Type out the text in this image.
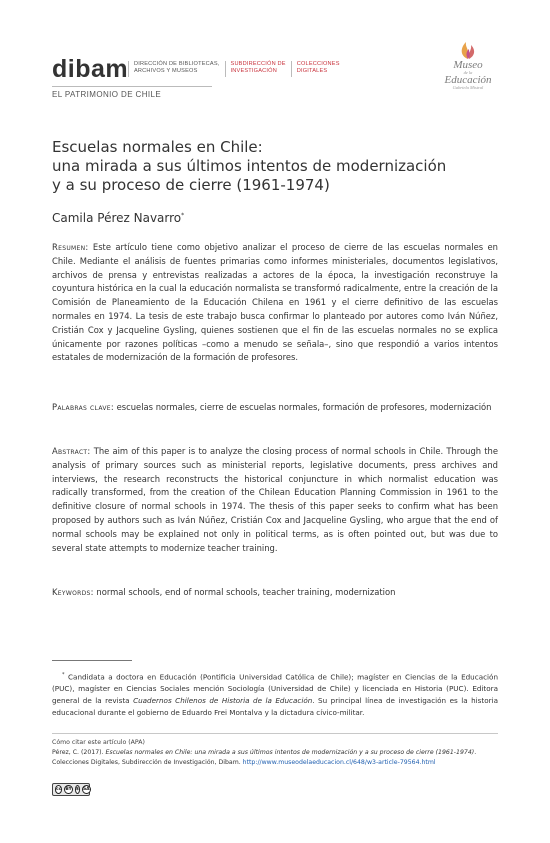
dibam DIRECCIÓN DE BIBLIOTECAS,
ARCHIVOS Y MUSEOS
SUBDIRECCIÓN DE
INVESTIGACIÓN
COLECCIONES
DIGITALES
EL PATRIMONIO DE CHILE
Museo
de la
Educación
Gabriela Mistral
Escuelas normales en Chile:
una mirada a sus últimos intentos de modernización
y a su proceso de cierre (1961-1974)
Camila Pérez Navarro*

Resumen: Este artículo tiene como objetivo analizar el proceso de cierre de las escuelas normales en Chile. Mediante el análisis de fuentes primarias como informes ministeriales, documentos legislativos, archivos de prensa y entrevistas realizadas a actores de la época, la investigación reconstruye la coyuntura histórica en la cual la educación normalista se transformó radicalmente, entre la creación de la Comisión de Planeamiento de la Educación Chilena en 1961 y el cierre definitivo de las escuelas normales en 1974. La tesis de este trabajo busca confirmar lo planteado por autores como Iván Núñez, Cristián Cox y Jacqueline Gysling, quienes sostienen que el fin de las escuelas normales no se explica únicamente por razones políticas –como a menudo se señala–, sino que respondió a varios intentos estatales de modernización de la formación de profesores.

Palabras clave: escuelas normales, cierre de escuelas normales, formación de profesores, modernización

Abstract: The aim of this paper is to analyze the closing process of normal schools in Chile. Through the analysis of primary sources such as ministerial reports, legislative documents, press archives and interviews, the research reconstructs the historical conjuncture in which normalist education was radically transformed, from the creation of the Chilean Education Planning Commission in 1961 to the definitive closure of normal schools in 1974. The thesis of this paper seeks to confirm what has been proposed by authors such as Iván Núñez, Cristián Cox and Jacqueline Gysling, who argue that the end of normal schools may be explained not only in political terms, as is often pointed out, but was due to several state attempts to modernize teacher training.

Keywords: normal schools, end of normal schools, teacher training, modernization

* Candidata a doctora en Educación (Pontificia Universidad Católica de Chile); magíster en Ciencias de la Educación (PUC), magíster en Ciencias Sociales mención Sociología (Universidad de Chile) y licenciada en Historia (PUC). Editora general de la revista Cuadernos Chilenos de Historia de la Educación. Su principal línea de investigación es la historia educacional durante el gobierno de Eduardo Frei Montalva y la dictadura cívico-militar.

Cómo citar este artículo (APA)

Pérez, C. (2017). Escuelas normales en Chile: una mirada a sus últimos intentos de modernización y a su proceso de cierre (1961-1974). Colecciones Digitales, Subdirección de Investigación, Dibam. http://www.museodelaeducacion.cl/648/w3-article-79564.html

cc BY $ SA
